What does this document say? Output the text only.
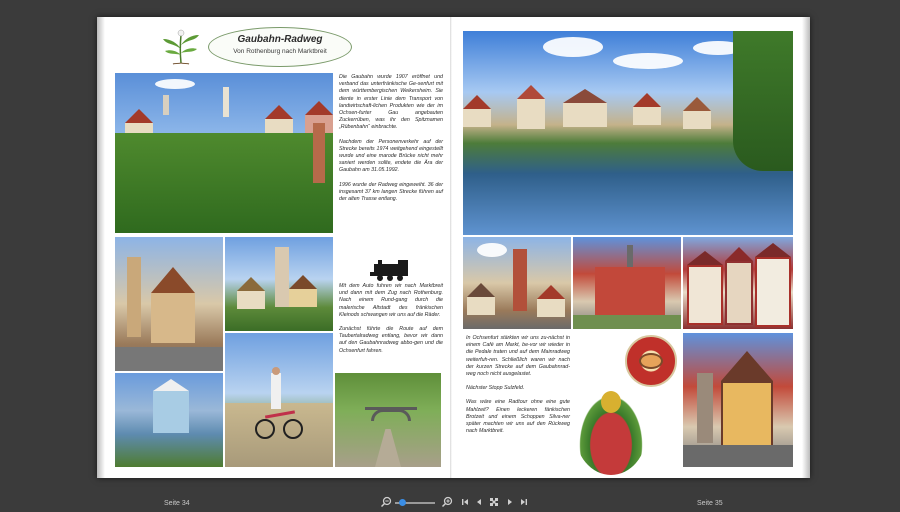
Gaubahn-Radweg
Von Rothenburg nach Marktbreit

Die Gaubahn wurde 1907 eröffnet und verband das unterfränkische Ge-senfurt mit dem württembergischen Weikersheim. Sie diente in erster Linie dem Transport von landwirtschaft-lichen Produkten wie der im Ochsen-furter Gau angebauten Zuckerrüben, was ihr den Spitznamen „Rübenbahn“ einbrachte.

Nachdem der Personenverkehr auf der Strecke bereits 1974 weitgehend eingestellt wurde und eine marode Brücke nicht mehr saniert werden sollte, endete die Ära der Gaubahn am 31.05.1992.

1996 wurde der Radweg eingeweiht. 36 der insgesamt 37 km langen Strecke führen auf der alten Trasse entlang.

Mit dem Auto fuhren wir nach Marktbreit und dann mit dem Zug nach Rothenburg. Nach einem Rund-gang durch die malerische Altstadt des fränkischen Kleinods schwangen wir uns auf die Räder.

Zunächst führte die Route auf dem Taubertalradweg entlang, bevor wir dann auf den Gaubahnradweg abbo-gen und die Ochsenfurt fahren.

In Ochsenfurt stärkten wir uns zu-nächst in einem Café am Markt, be-vor wir wieder in die Pedale traten und auf dem Mainradweg weiterfuh-ren. Schließlich waren wir nach der kurzen Strecke auf dem Gaubahnrad-weg noch nicht ausgelastet.

Nächster Stopp Sulzfeld.

Was wäre eine Radtour ohne eine gute Mahlzeit? Einen leckeren fänkischen Brotzeit und einem Schoppen Silva-ner später machten wir uns auf den Rückweg nach Marktbreit.

Seite 34	Seite 35
